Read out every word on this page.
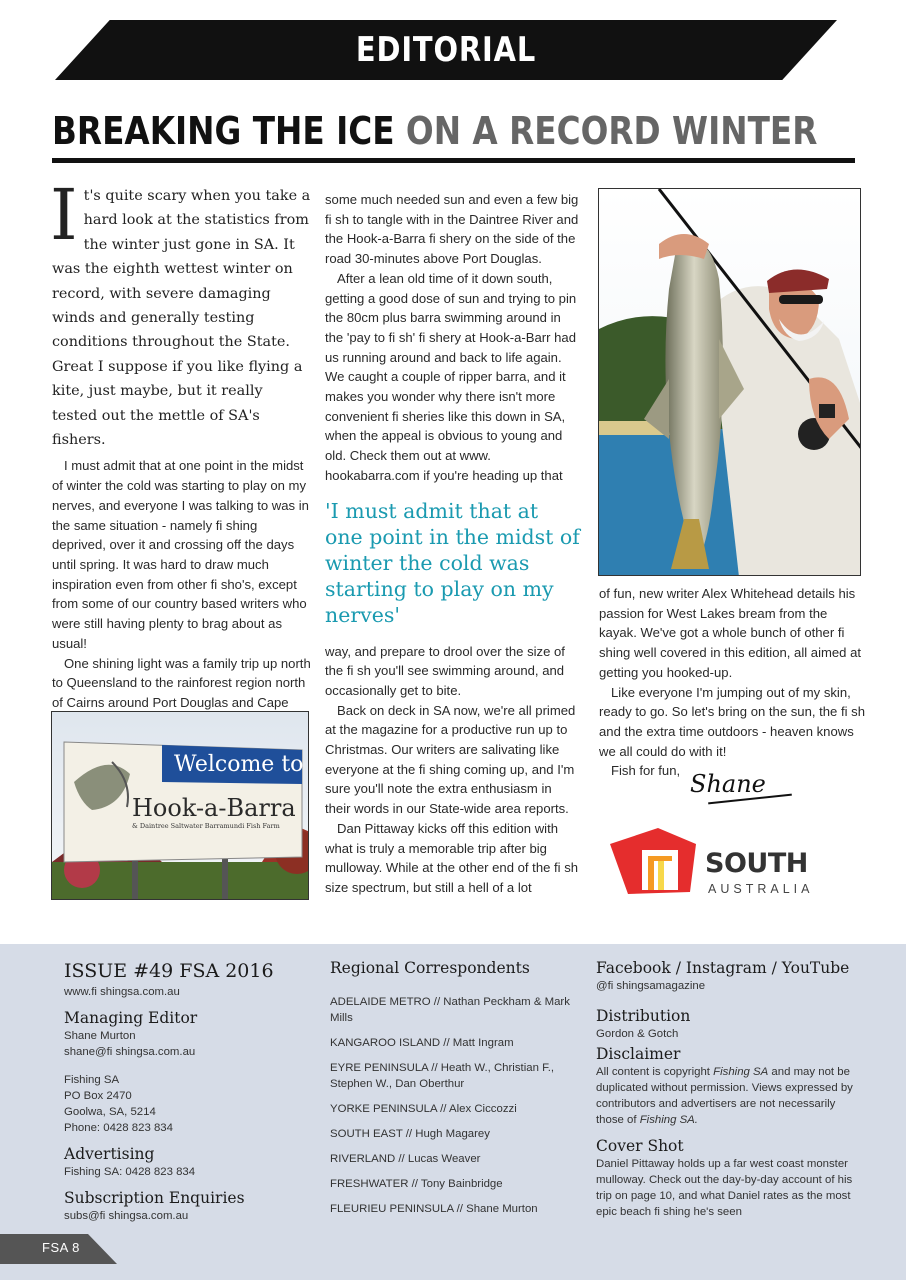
EDITORIAL
BREAKING THE ICE ON A RECORD WINTER
I t's quite scary when you take a hard look at the statistics from the winter just gone in SA. It was the eighth wettest winter on record, with severe damaging winds and generally testing conditions throughout the State. Great I suppose if you like flying a kite, just maybe, but it really tested out the mettle of SA's fishers.

I must admit that at one point in the midst of winter the cold was starting to play on my nerves, and everyone I was talking to was in the same situation - namely fi shing deprived, over it and crossing off the days until spring. It was hard to draw much inspiration even from other fi sho's, except from some of our country based writers who were still having plenty to brag about as usual!

One shining light was a family trip up north to Queensland to the rainforest region north of Cairns around Port Douglas and Cape

Welcome to
Hook-a-Barra
& Daintree Saltwater Barramundi Fish Farm

some much needed sun and even a few big fi sh to tangle with in the Daintree River and the Hook-a-Barra fi shery on the side of the road 30-minutes above Port Douglas.

After a lean old time of it down south, getting a good dose of sun and trying to pin the 80cm plus barra swimming around in the 'pay to fi sh' fi shery at Hook-a-Barr had us running around and back to life again. We caught a couple of ripper barra, and it makes you wonder why there isn't more convenient fi sheries like this down in SA, when the appeal is obvious to young and old. Check them out at www. hookabarra.com if you're heading up that

'I must admit that at one point in the midst of winter the cold was starting to play on my nerves'

way, and prepare to drool over the size of the fi sh you'll see swimming around, and occasionally get to bite.

Back on deck in SA now, we're all primed at the magazine for a productive run up to Christmas. Our writers are salivating like everyone at the fi shing coming up, and I'm sure you'll note the extra enthusiasm in their words in our State-wide area reports.

Dan Pittaway kicks off this edition with what is truly a memorable trip after big mulloway. While at the other end of the fi sh size spectrum, but still a hell of a lot

of fun, new writer Alex Whitehead details his passion for West Lakes bream from the kayak. We've got a whole bunch of other fi shing well covered in this edition, all aimed at getting you hooked-up.

Like everyone I'm jumping out of my skin, ready to go. So let's bring on the sun, the fi sh and the extra time outdoors - heaven knows we all could do with it!

Fish for fun, Shane
SOUTH
AUSTRALIA
ISSUE #49 FSA 2016
www.fi shingsa.com.au
Managing Editor
Shane Murton
shane@fi shingsa.com.au
Fishing SA
PO Box 2470
Goolwa, SA, 5214
Phone: 0428 823 834
Advertising
Fishing SA: 0428 823 834
Subscription Enquiries
subs@fi shingsa.com.au
Regional Correspondents
ADELAIDE METRO // Nathan Peckham & Mark Mills
KANGAROO ISLAND // Matt Ingram
EYRE PENINSULA // Heath W., Christian F., Stephen W., Dan Oberthur
YORKE PENINSULA // Alex Ciccozzi
SOUTH EAST // Hugh Magarey
RIVERLAND // Lucas Weaver
FRESHWATER // Tony Bainbridge
FLEURIEU PENINSULA // Shane Murton
Facebook / Instagram / YouTube
@fi shingsamagazine
Distribution
Gordon & Gotch
Disclaimer
All content is copyright Fishing SA and may not be duplicated without permission. Views expressed by contributors and advertisers are not necessarily those of Fishing SA.
Cover Shot
Daniel Pittaway holds up a far west coast monster mulloway. Check out the day-by-day account of his trip on page 10, and what Daniel rates as the most epic beach fi shing he's seen
FSA 8
